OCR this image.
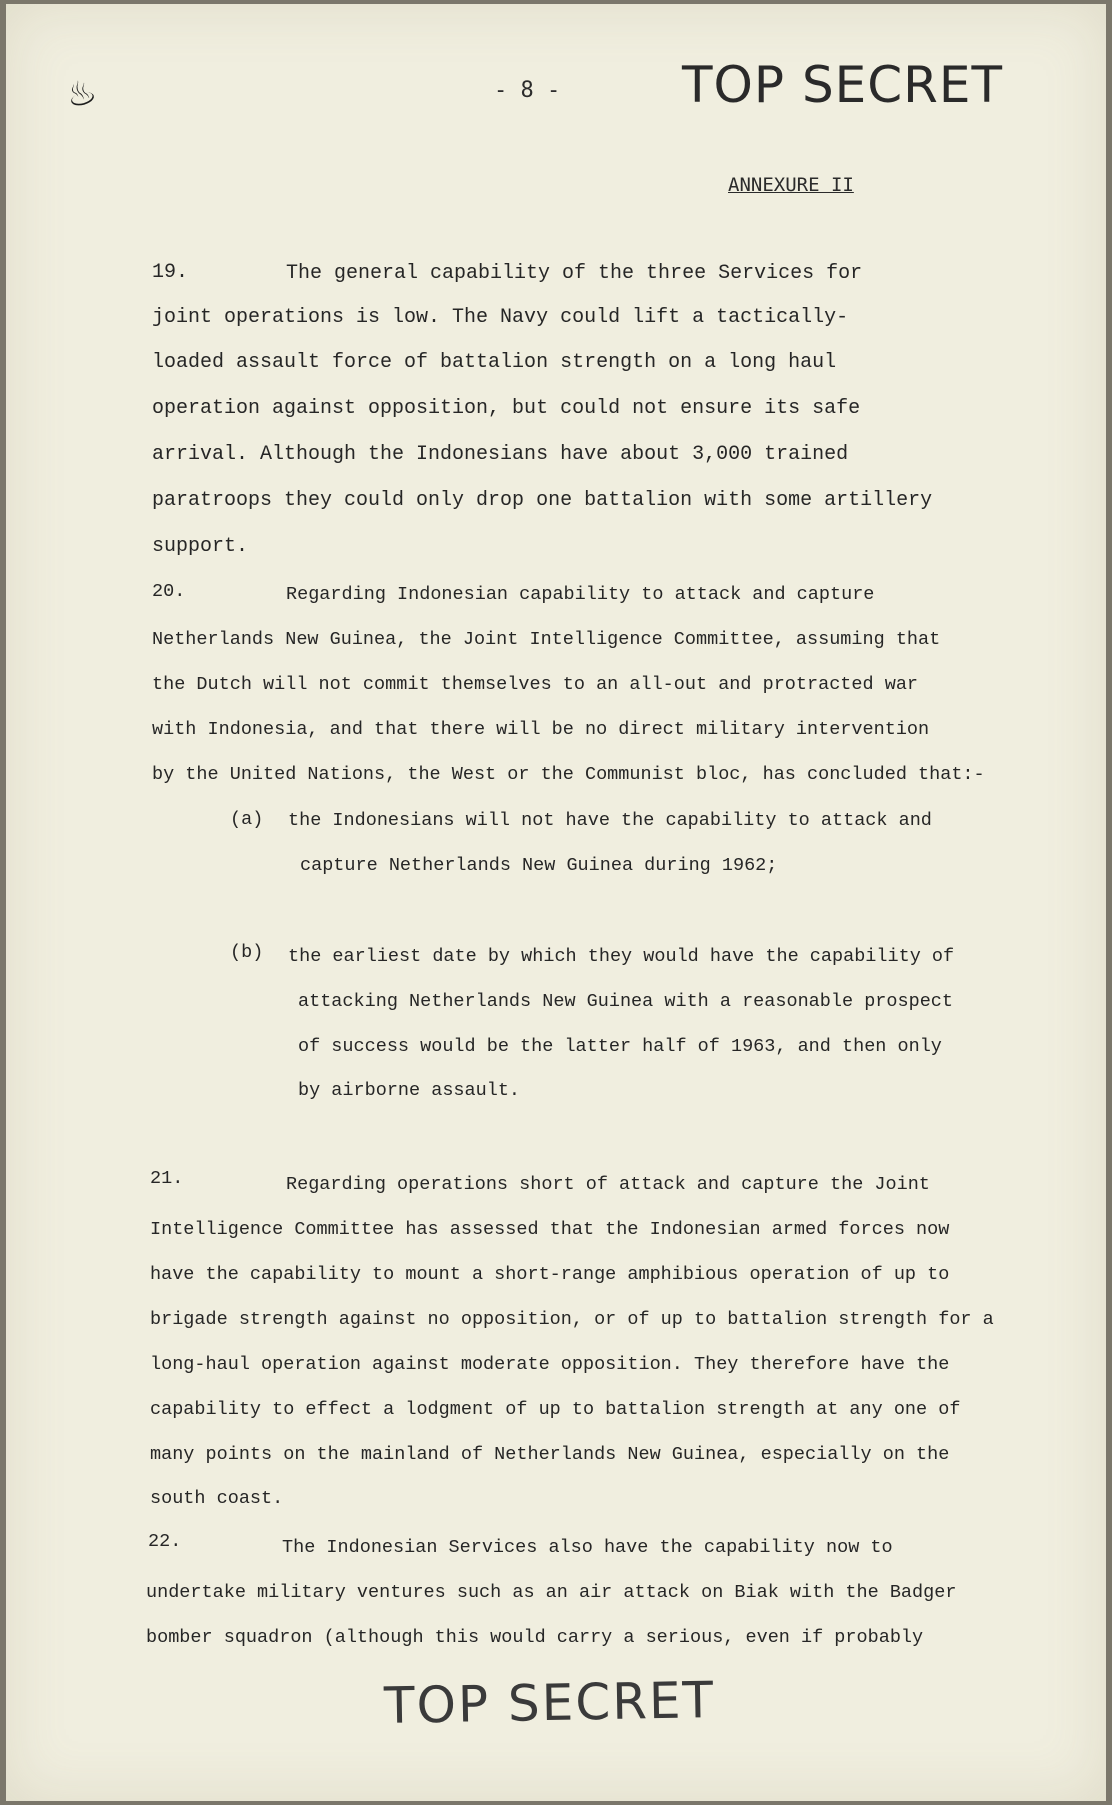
♨	- 8 - TOP SECRET
ANNEXURE II
19.	The general capability of the three Services for
joint operations is low. The Navy could lift a tactically-
loaded assault force of battalion strength on a long haul
operation against opposition, but could not ensure its safe
arrival. Although the Indonesians have about 3,000 trained
paratroops they could only drop one battalion with some artillery
support.
20.	Regarding Indonesian capability to attack and capture
Netherlands New Guinea, the Joint Intelligence Committee, assuming that
the Dutch will not commit themselves to an all-out and protracted war
with Indonesia, and that there will be no direct military intervention
by the United Nations, the West or the Communist bloc, has concluded that:-
(a) the Indonesians will not have the capability to attack and
capture Netherlands New Guinea during 1962;
(b) the earliest date by which they would have the capability of
attacking Netherlands New Guinea with a reasonable prospect
of success would be the latter half of 1963, and then only
by airborne assault.
21.	Regarding operations short of attack and capture the Joint
Intelligence Committee has assessed that the Indonesian armed forces now
have the capability to mount a short-range amphibious operation of up to
brigade strength against no opposition, or of up to battalion strength for a
long-haul operation against moderate opposition. They therefore have the
capability to effect a lodgment of up to battalion strength at any one of
many points on the mainland of Netherlands New Guinea, especially on the
south coast.
22.	The Indonesian Services also have the capability now to
undertake military ventures such as an air attack on Biak with the Badger
bomber squadron (although this would carry a serious, even if probably
TOP SECRET
